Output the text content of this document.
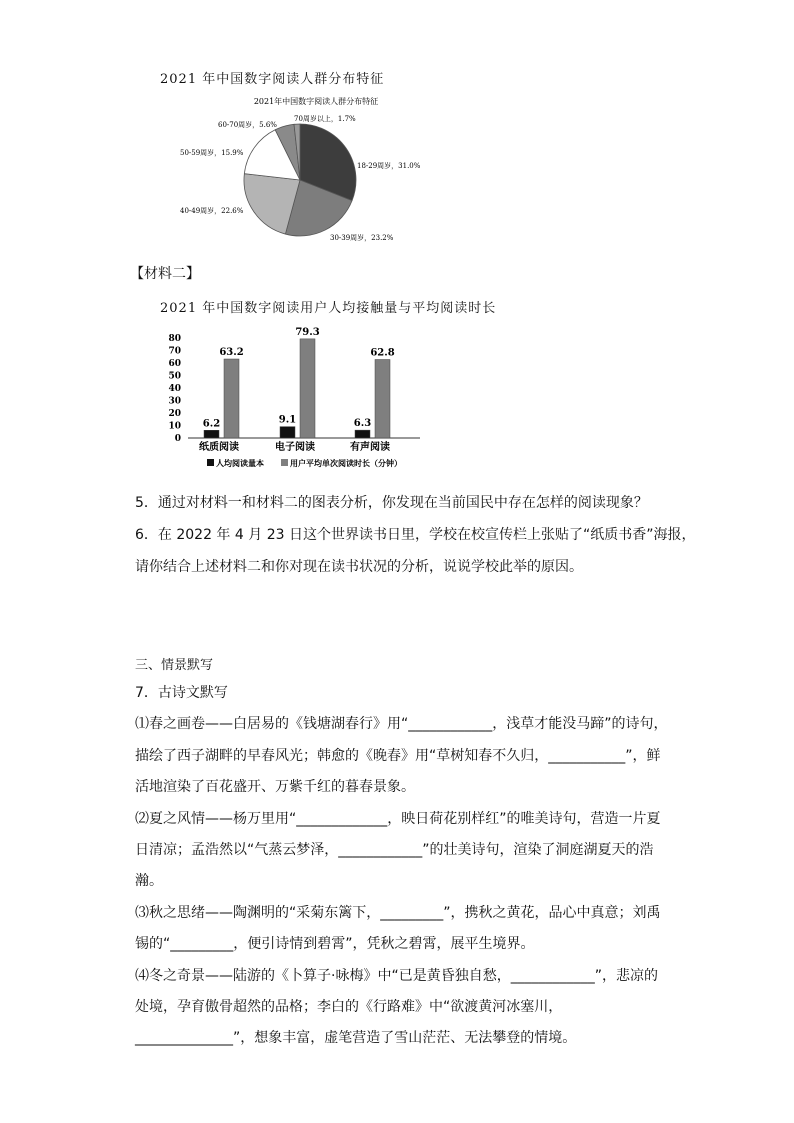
2021 年中国数字阅读人群分布特征
2021年中国数字阅读人群分布特征
18-29周岁，31.0%
30-39周岁，23.2%
40-49周岁，22.6%
50-59周岁，15.9%
60-70周岁，5.6%
70周岁以上，1.7%
【材料二】
2021 年中国数字阅读用户人均接触量与平均阅读时长
0
10
20
30
40
50
60
70
80
6.2
63.2
纸质阅读
9.1
79.3
电子阅读
6.3
62.8
有声阅读
人均阅读量本	用户平均单次阅读时长（分钟）
5．通过对材料一和材料二的图表分析，你发现在当前国民中存在怎样的阅读现象？
6．在 2022 年 4 月 23 日这个世界读书日里，学校在校宣传栏上张贴了“纸质书香”海报，
请你结合上述材料二和你对现在读书状况的分析，说说学校此举的原因。
三、情景默写
7．古诗文默写
⑴春之画卷——白居易的《钱塘湖春行》用“____________，浅草才能没马蹄”的诗句，
描绘了西子湖畔的早春风光；韩愈的《晚春》用“草树知春不久归，___________”，鲜
活地渲染了百花盛开、万紫千红的暮春景象。
⑵夏之风情——杨万里用“_____________，映日荷花别样红”的唯美诗句，营造一片夏
日清凉；孟浩然以“气蒸云梦泽，____________”的壮美诗句，渲染了洞庭湖夏天的浩
瀚。
⑶秋之思绪——陶渊明的“采菊东篱下，_________”，携秋之黄花，品心中真意；刘禹
锡的“_________，便引诗情到碧霄”，凭秋之碧霄，展平生境界。
⑷冬之奇景——陆游的《卜算子·咏梅》中“已是黄昏独自愁，____________”，悲凉的
处境，孕育傲骨超然的品格；李白的《行路难》中“欲渡黄河冰塞川，
______________”，想象丰富，虚笔营造了雪山茫茫、无法攀登的情境。
